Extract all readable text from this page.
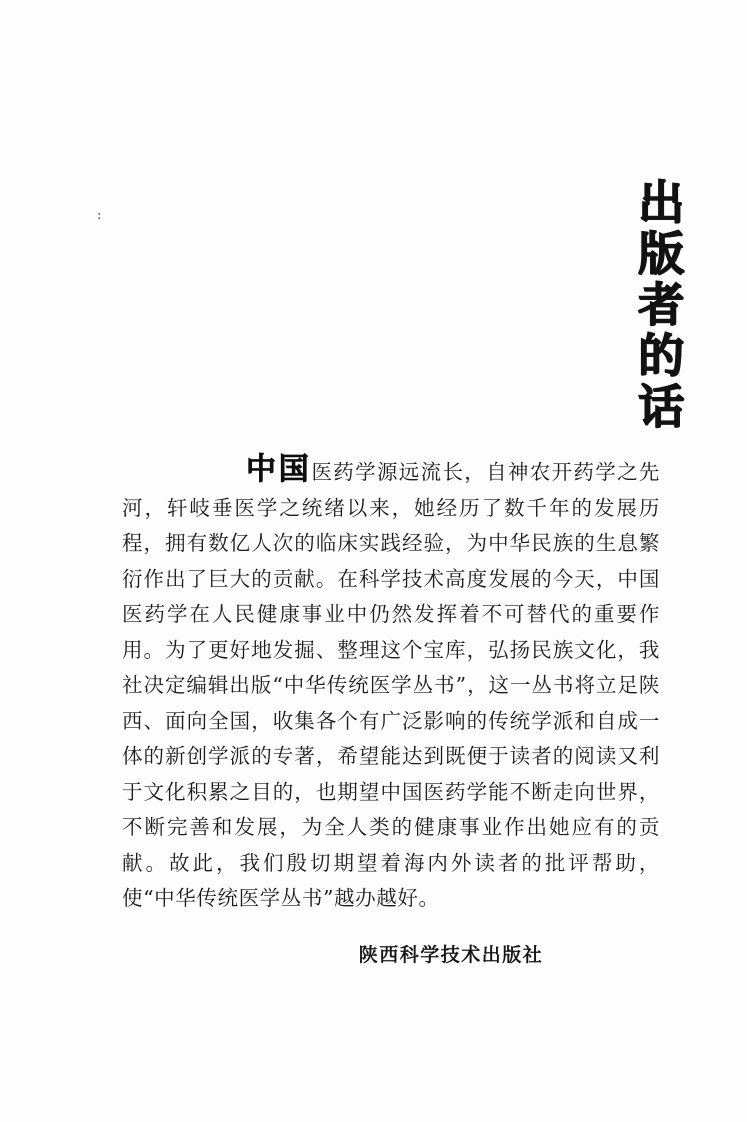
:	出版者的话

中国医药学源远流长，自神农开药学之先河，轩岐垂医学之统绪以来，她经历了数千年的发展历程，拥有数亿人次的临床实践经验，为中华民族的生息繁衍作出了巨大的贡献。在科学技术高度发展的今天，中国医药学在人民健康事业中仍然发挥着不可替代的重要作用。为了更好地发掘、整理这个宝库，弘扬民族文化，我社决定编辑出版“中华传统医学丛书”，这一丛书将立足陕西、面向全国，收集各个有广泛影响的传统学派和自成一体的新创学派的专著，希望能达到既便于读者的阅读又利于文化积累之目的，也期望中国医药学能不断走向世界，不断完善和发展，为全人类的健康事业作出她应有的贡献。故此，我们殷切期望着海内外读者的批评帮助，使“中华传统医学丛书”越办越好。

陕西科学技术出版社
